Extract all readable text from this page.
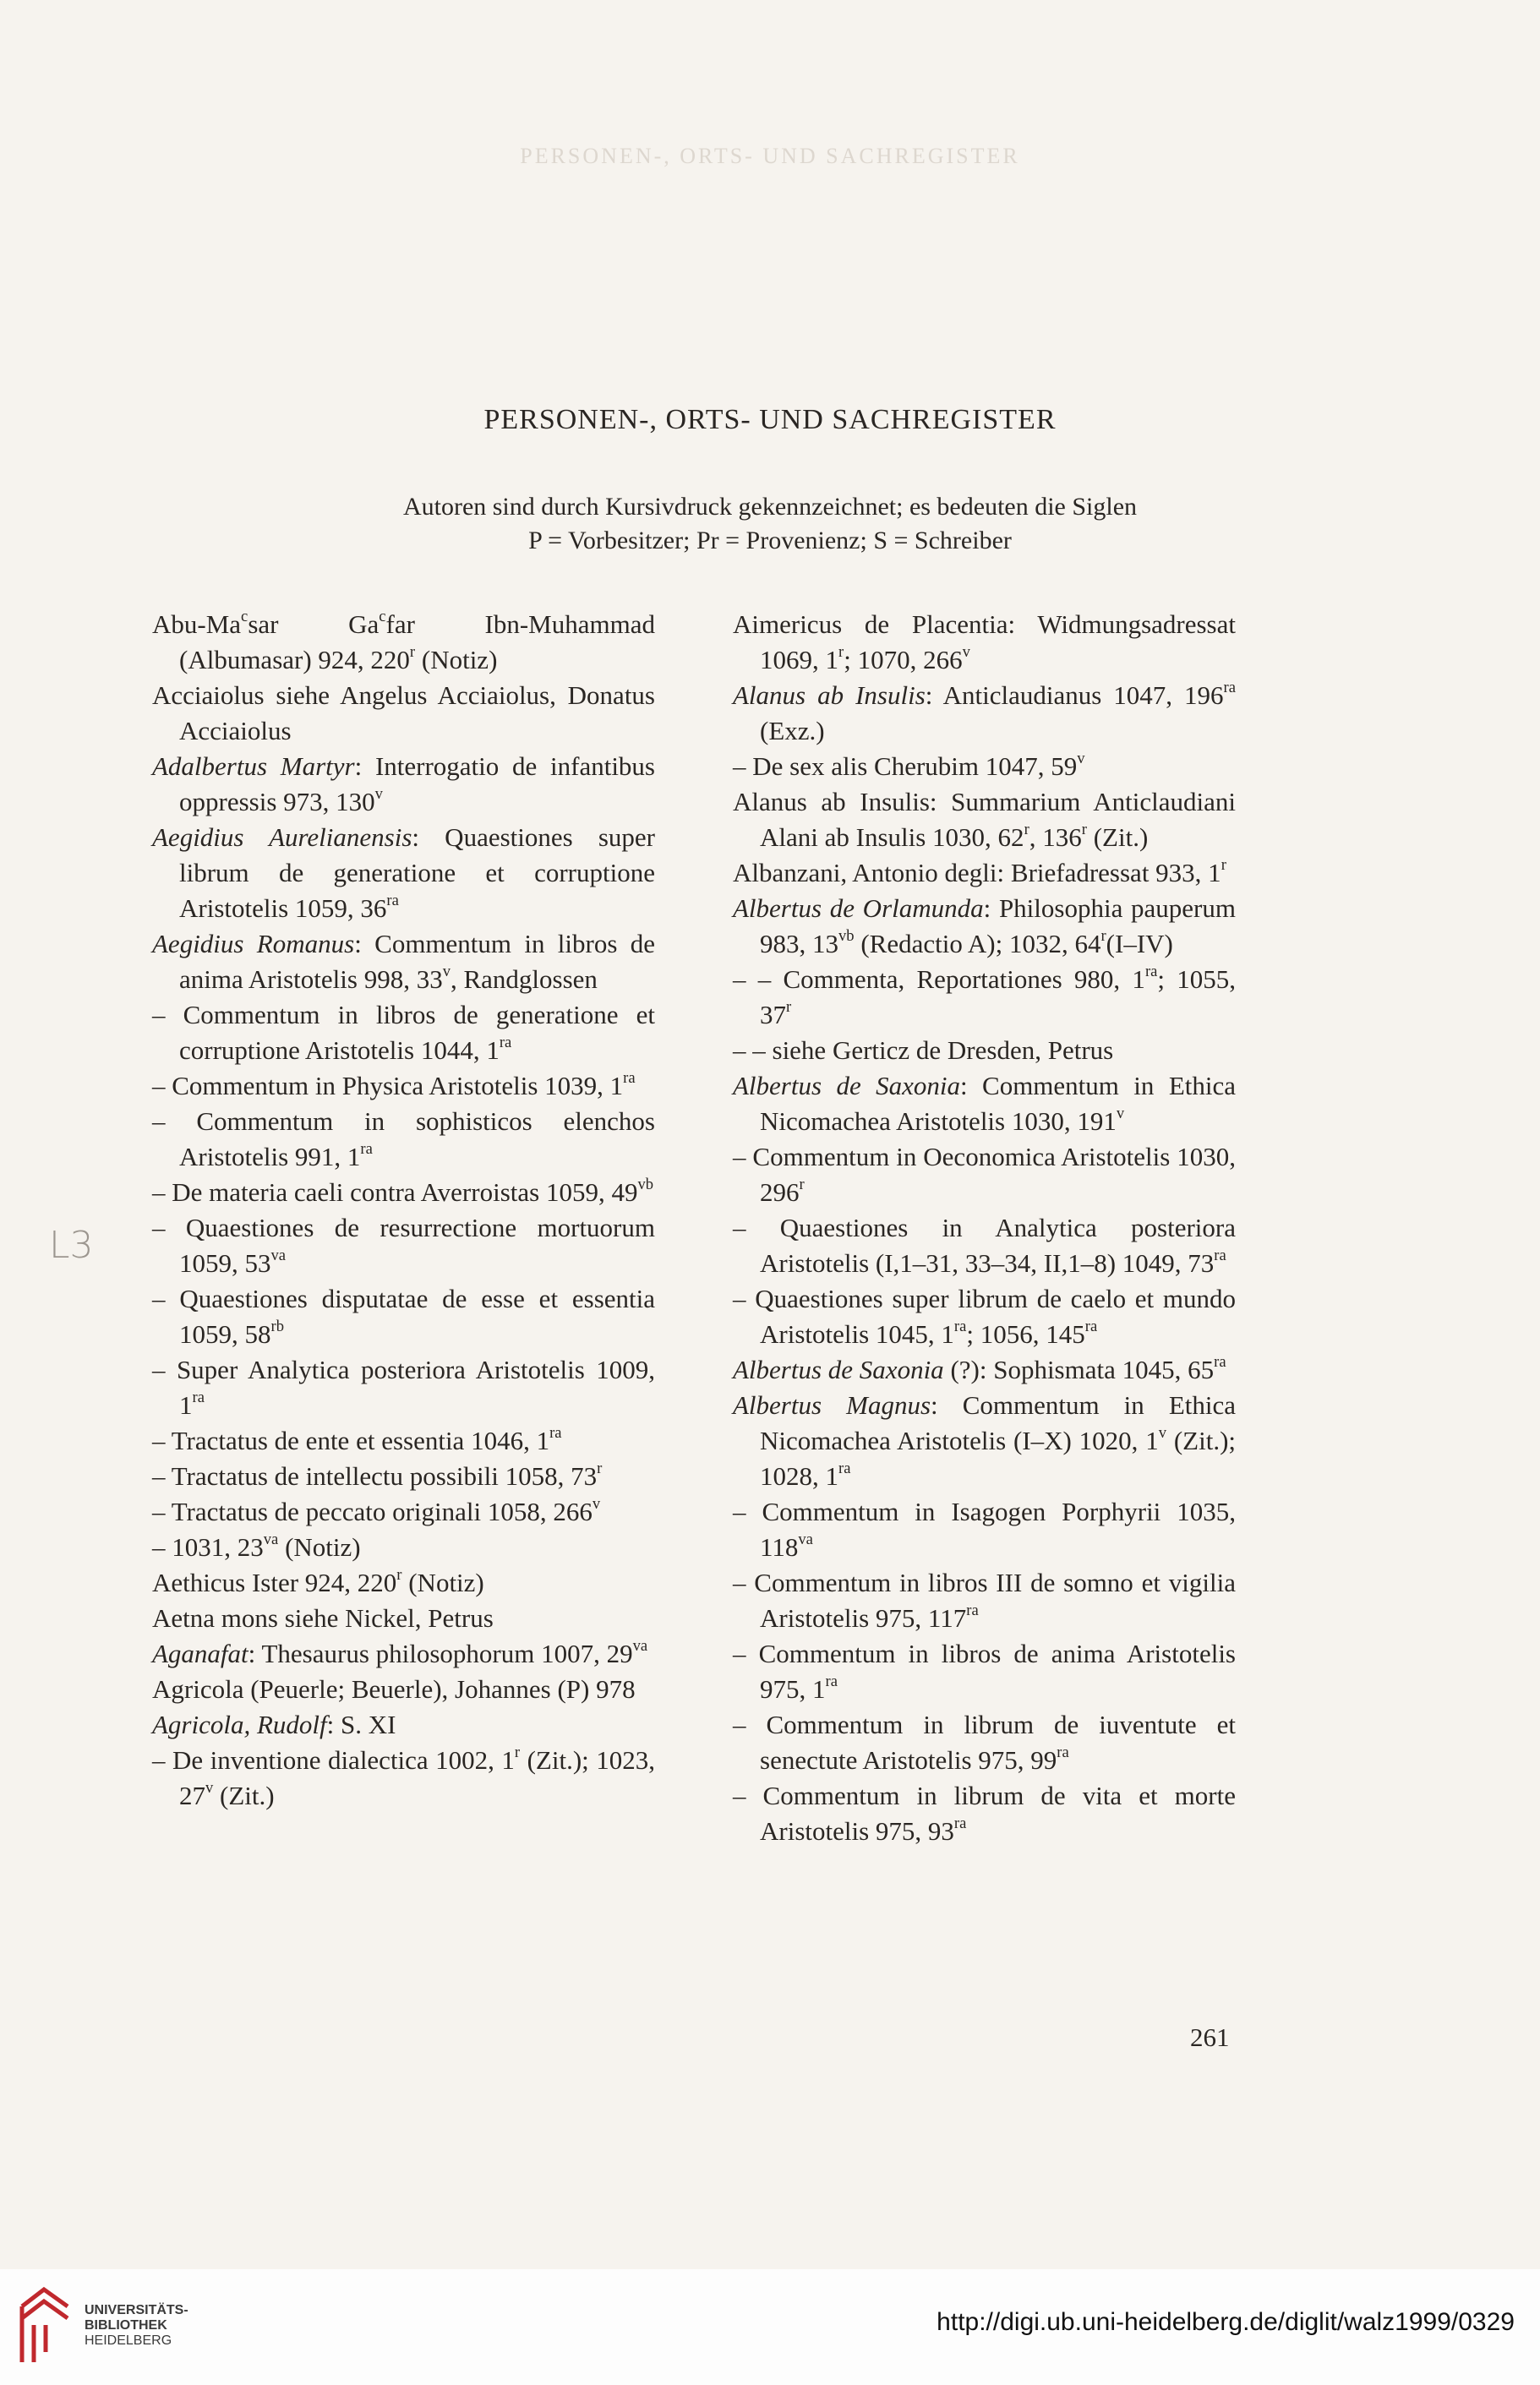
PERSONEN-, ORTS- UND SACHREGISTER
PERSONEN-, ORTS- UND SACHREGISTER
Autoren sind durch Kursivdruck gekennzeichnet; es bedeuten die Siglen
P = Vorbesitzer; Pr = Provenienz; S = Schreiber
L3

Abu-Ma$^c$sar Ga$^c$far Ibn-Muhammad (Albumasar) 924, 220$^r$ (Notiz)

Acciaiolus siehe Angelus Acciaiolus, Donatus Acciaiolus

Adalbertus Martyr: Interrogatio de infantibus oppressis 973, 130$^v$

Aegidius Aurelianensis: Quaestiones super librum de generatione et corruptione Aristotelis 1059, $36^{ra}$

Aegidius Romanus: Commentum in libros de anima Aristotelis 998, 33$^v$, Randglossen

– Commentum in libros de generatione et corruptione Aristotelis 1044, $1^{ra}$

– Commentum in Physica Aristotelis 1039, $1^{ra}$

– Commentum in sophisticos elenchos Aristotelis 991, $1^{ra}$

– De materia caeli contra Averroistas 1059, $49^{vb}$

– Quaestiones de resurrectione mortuorum 1059, $53^{va}$

– Quaestiones disputatae de esse et essentia 1059, $58^{rb}$

– Super Analytica posteriora Aristotelis 1009, $1^{ra}$

– Tractatus de ente et essentia 1046, $1^{ra}$

– Tractatus de intellectu possibili 1058, 73$^r$

– Tractatus de peccato originali 1058, 266$^v$

– 1031, $23^{va}$ (Notiz)

Aethicus Ister 924, 220$^r$ (Notiz)

Aetna mons siehe Nickel, Petrus

Aganafat: Thesaurus philosophorum 1007, $29^{va}$

Agricola (Peuerle; Beuerle), Johannes (P) 978

Agricola, Rudolf: S. XI

– De inventione dialectica 1002, 1$^r$ (Zit.); 1023, 27$^v$ (Zit.)

Aimericus de Placentia: Widmungsadressat 1069, 1$^r$; 1070, 266$^v$

Alanus ab Insulis: Anticlaudianus 1047, $196^{ra}$ (Exz.)

– De sex alis Cherubim 1047, 59$^v$

Alanus ab Insulis: Summarium Anticlaudiani Alani ab Insulis 1030, 62$^r$, 136$^r$ (Zit.)

Albanzani, Antonio degli: Briefadressat 933, 1$^r$

Albertus de Orlamunda: Philosophia pauperum 983, $13^{vb}$ (Redactio A); 1032, 64$^r$(I–IV)

– – Commenta, Reportationes 980, $1^{ra}$; 1055, 37$^r$

– – siehe Gerticz de Dresden, Petrus

Albertus de Saxonia: Commentum in Ethica Nicomachea Aristotelis 1030, 191$^v$

– Commentum in Oeconomica Aristotelis 1030, 296$^r$

– Quaestiones in Analytica posteriora Aristotelis (I,1–31, 33–34, II,1–8) 1049, $73^{ra}$

– Quaestiones super librum de caelo et mundo Aristotelis 1045, $1^{ra}$; 1056, $145^{ra}$

Albertus de Saxonia (?): Sophismata 1045, $65^{ra}$

Albertus Magnus: Commentum in Ethica Nicomachea Aristotelis (I–X) 1020, 1$^v$ (Zit.); 1028, $1^{ra}$

– Commentum in Isagogen Porphyrii 1035, $118^{va}$

– Commentum in libros III de somno et vigilia Aristotelis 975, $117^{ra}$

– Commentum in libros de anima Aristotelis 975, $1^{ra}$

– Commentum in librum de iuventute et senectute Aristotelis 975, $99^{ra}$

– Commentum in librum de vita et morte Aristotelis 975, $93^{ra}$

261
UNIVERSITÄTS-
BIBLIOTHEK
HEIDELBERG
http://digi.ub.uni-heidelberg.de/diglit/walz1999/0329
